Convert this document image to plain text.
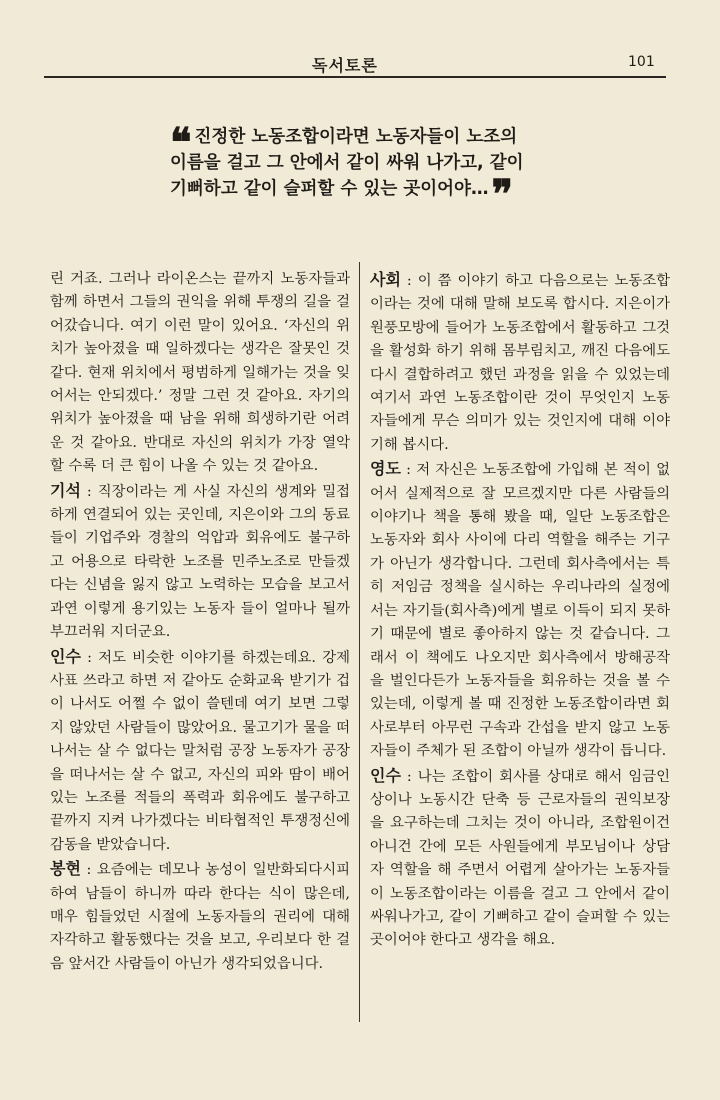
독서토론	101
❝ 진정한 노동조합이라면 노동자들이 노조의 이름을 걸고 그 안에서 같이 싸워 나가고, 같이 기뻐하고 같이 슬퍼할 수 있는 곳이어야…❞

린 거죠. 그러나 라이온스는 끝까지 노동자들과 함께 하면서 그들의 권익을 위해 투쟁의 길을 걸어갔습니다. 여기 이런 말이 있어요. ‘자신의 위치가 높아졌을 때 일하겠다는 생각은 잘못인 것 같다. 현재 위치에서 평범하게 일해가는 것을 잊어서는 안되겠다.’ 정말 그런 것 같아요. 자기의 위치가 높아졌을 때 남을 위해 희생하기란 어려운 것 같아요. 반대로 자신의 위치가 가장 열악할 수록 더 큰 힘이 나올 수 있는 것 같아요.

기석 : 직장이라는 게 사실 자신의 생계와 밀접하게 연결되어 있는 곳인데, 지은이와 그의 동료들이 기업주와 경찰의 억압과 회유에도 불구하고 어용으로 타락한 노조를 민주노조로 만들겠다는 신념을 잃지 않고 노력하는 모습을 보고서 과연 이렇게 용기있는 노동자 들이 얼마나 될까 부끄러워 지더군요.

인수 : 저도 비슷한 이야기를 하겠는데요. 강제사표 쓰라고 하면 저 같아도 순화교육 받기가 겁이 나서도 어쩔 수 없이 쓸텐데 여기 보면 그렇지 않았던 사람들이 많았어요. 물고기가 물을 떠나서는 살 수 없다는 말처럼 공장 노동자가 공장을 떠나서는 살 수 없고, 자신의 피와 땀이 배어 있는 노조를 적들의 폭력과 회유에도 불구하고 끝까지 지켜 나가겠다는 비타협적인 투쟁정신에 감동을 받았습니다.

봉현 : 요즘에는 데모나 농성이 일반화되다시피 하여 남들이 하니까 따라 한다는 식이 많은데, 매우 힘들었던 시절에 노동자들의 권리에 대해 자각하고 활동했다는 것을 보고, 우리보다 한 걸음 앞서간 사람들이 아닌가 생각되었읍니다.

사회 : 이 쯤 이야기 하고 다음으로는 노동조합이라는 것에 대해 말해 보도록 합시다. 지은이가 원풍모방에 들어가 노동조합에서 활동하고 그것을 활성화 하기 위해 몸부림치고, 깨진 다음에도 다시 결합하려고 했던 과정을 읽을 수 있었는데 여기서 과연 노동조합이란 것이 무엇인지 노동자들에게 무슨 의미가 있는 것인지에 대해 이야기해 봅시다.

영도 : 저 자신은 노동조합에 가입해 본 적이 없어서 실제적으로 잘 모르겠지만 다른 사람들의 이야기나 책을 통해 봤을 때, 일단 노동조합은 노동자와 회사 사이에 다리 역할을 해주는 기구가 아닌가 생각합니다. 그런데 회사측에서는 특히 저임금 정책을 실시하는 우리나라의 실정에서는 자기들(회사측)에게 별로 이득이 되지 못하기 때문에 별로 좋아하지 않는 것 같습니다. 그래서 이 책에도 나오지만 회사측에서 방해공작을 벌인다든가 노동자들을 회유하는 것을 볼 수 있는데, 이렇게 볼 때 진정한 노동조합이라면 회사로부터 아무런 구속과 간섭을 받지 않고 노동자들이 주체가 된 조합이 아닐까 생각이 듭니다.

인수 : 나는 조합이 회사를 상대로 해서 임금인상이나 노동시간 단축 등 근로자들의 권익보장을 요구하는데 그치는 것이 아니라, 조합원이건 아니건 간에 모든 사원들에게 부모님이나 상담자 역할을 해 주면서 어렵게 살아가는 노동자들이 노동조합이라는 이름을 걸고 그 안에서 같이 싸워나가고, 같이 기뻐하고 같이 슬퍼할 수 있는 곳이어야 한다고 생각을 해요.
